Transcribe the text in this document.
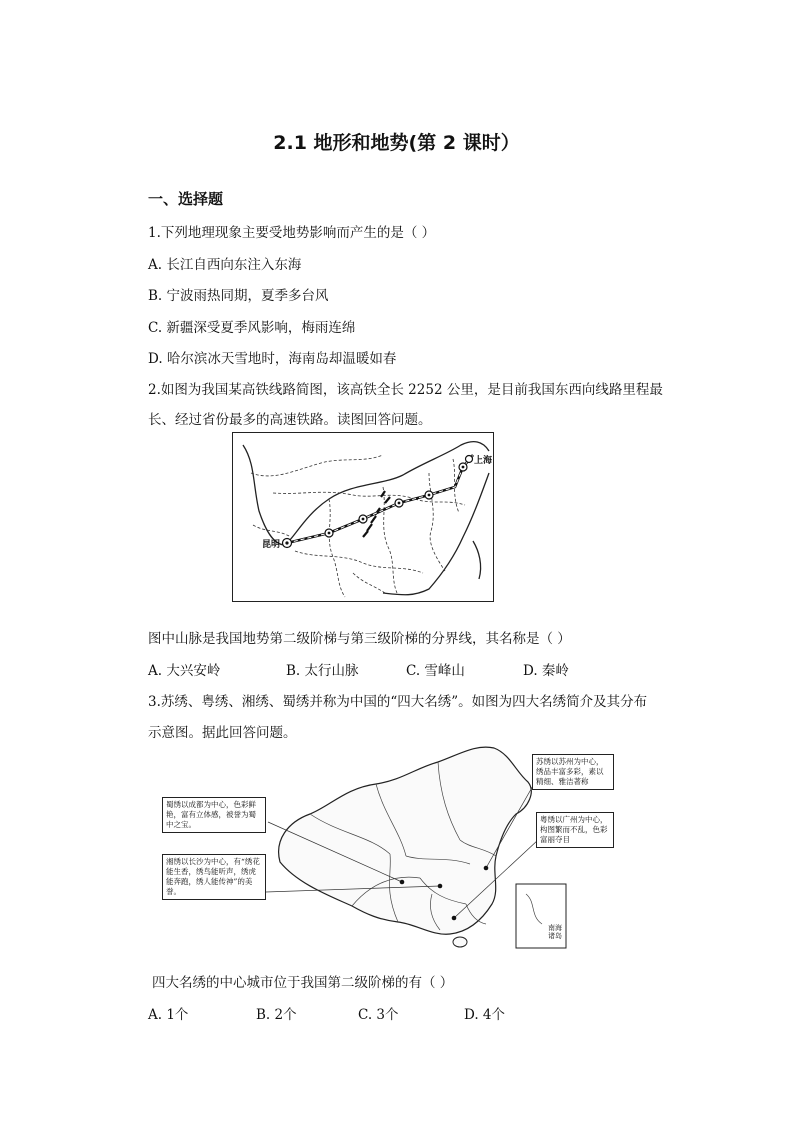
2.1 地形和地势(第 2 课时）
一、选择题
1.下列地理现象主要受地势影响而产生的是（ ）
A. 长江自西向东注入东海
B. 宁波雨热同期，夏季多台风
C. 新疆深受夏季风影响，梅雨连绵
D. 哈尔滨冰天雪地时，海南岛却温暖如春
2.如图为我国某高铁线路简图，该高铁全长 2252 公里，是目前我国东西向线路里程最
长、经过省份最多的高速铁路。读图回答问题。
昆明
上海
图中山脉是我国地势第二级阶梯与第三级阶梯的分界线，其名称是（ ）
A. 大兴安岭	B. 太行山脉	C. 雪峰山	D. 秦岭
3.苏绣、粤绣、湘绣、蜀绣并称为中国的“四大名绣”。如图为四大名绣简介及其分布
示意图。据此回答问题。
蜀绣以成都为中心，色彩鲜艳，富有立体感，被誉为蜀中之宝。
湘绣以长沙为中心，有“绣花能生香，绣鸟能听声，绣虎能奔跑，绣人能传神”的美誉。
苏绣以苏州为中心，绣品丰富多彩，素以精细、雅洁著称
粤绣以广州为中心，构图繁而不乱，色彩富丽夺目
南海诸岛
四大名绣的中心城市位于我国第二级阶梯的有（ ）
A. 1个	B. 2个	C. 3个	D. 4个
